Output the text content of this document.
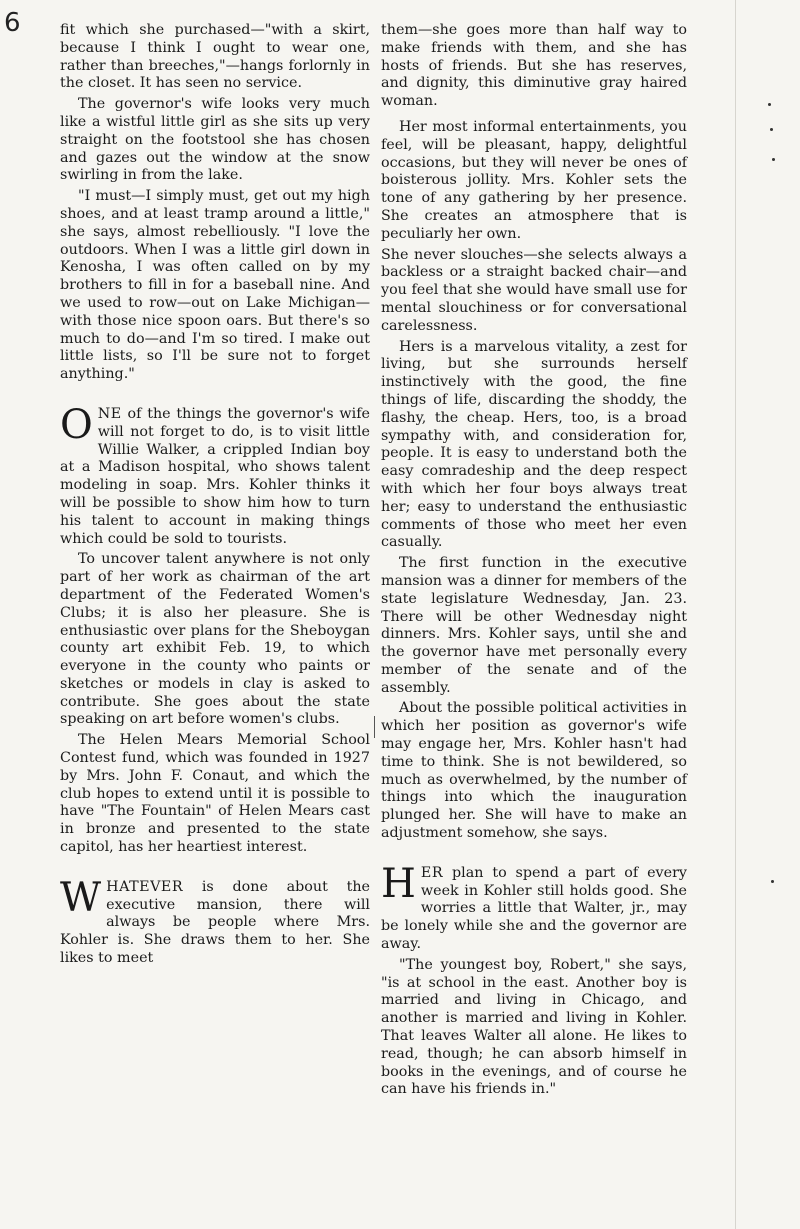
6	fit which she purchased—"with a skirt, because I think I ought to wear one, rather than breeches,"—hangs forlornly in the closet. It has seen no service.

The governor's wife looks very much like a wistful little girl as she sits up very straight on the footstool she has chosen and gazes out the window at the snow swirling in from the lake.

"I must—I simply must, get out my high shoes, and at least tramp around a little," she says, almost rebelliously. "I love the outdoors. When I was a little girl down in Kenosha, I was often called on by my brothers to fill in for a baseball nine. And we used to row—out on Lake Michigan—with those nice spoon oars. But there's so much to do—and I'm so tired. I make out little lists, so I'll be sure not to forget anything."

ONE of the things the governor's wife will not forget to do, is to visit little Willie Walker, a crippled Indian boy at a Madison hospital, who shows talent modeling in soap. Mrs. Kohler thinks it will be possible to show him how to turn his talent to account in making things which could be sold to tourists.

To uncover talent anywhere is not only part of her work as chairman of the art department of the Federated Women's Clubs; it is also her pleasure. She is enthusiastic over plans for the Sheboygan county art exhibit Feb. 19, to which everyone in the county who paints or sketches or models in clay is asked to contribute. She goes about the state speaking on art before women's clubs.

The Helen Mears Memorial School Contest fund, which was founded in 1927 by Mrs. John F. Conaut, and which the club hopes to extend until it is possible to have "The Fountain" of Helen Mears cast in bronze and presented to the state capitol, has her heartiest interest.

WHATEVER is done about the executive mansion, there will always be people where Mrs. Kohler is. She draws them to her. She likes to meet

them—she goes more than half way to make friends with them, and she has hosts of friends. But she has reserves, and dignity, this diminutive gray haired woman.

Her most informal entertainments, you feel, will be pleasant, happy, delightful occasions, but they will never be ones of boisterous jollity. Mrs. Kohler sets the tone of any gathering by her presence. She creates an atmosphere that is peculiarly her own.

She never slouches—she selects always a backless or a straight backed chair—and you feel that she would have small use for mental slouchiness or for conversational carelessness.

Hers is a marvelous vitality, a zest for living, but she surrounds herself instinctively with the good, the fine things of life, discarding the shoddy, the flashy, the cheap. Hers, too, is a broad sympathy with, and consideration for, people. It is easy to understand both the easy comradeship and the deep respect with which her four boys always treat her; easy to understand the enthusiastic comments of those who meet her even casually.

The first function in the executive mansion was a dinner for members of the state legislature Wednesday, Jan. 23. There will be other Wednesday night dinners. Mrs. Kohler says, until she and the governor have met personally every member of the senate and of the assembly.

About the possible political activities in which her position as governor's wife may engage her, Mrs. Kohler hasn't had time to think. She is not bewildered, so much as overwhelmed, by the number of things into which the inauguration plunged her. She will have to make an adjustment somehow, she says.

HER plan to spend a part of every week in Kohler still holds good. She worries a little that Walter, jr., may be lonely while she and the governor are away.

"The youngest boy, Robert," she says, "is at school in the east. Another boy is married and living in Chicago, and another is married and living in Kohler. That leaves Walter all alone. He likes to read, though; he can absorb himself in books in the evenings, and of course he can have his friends in."
